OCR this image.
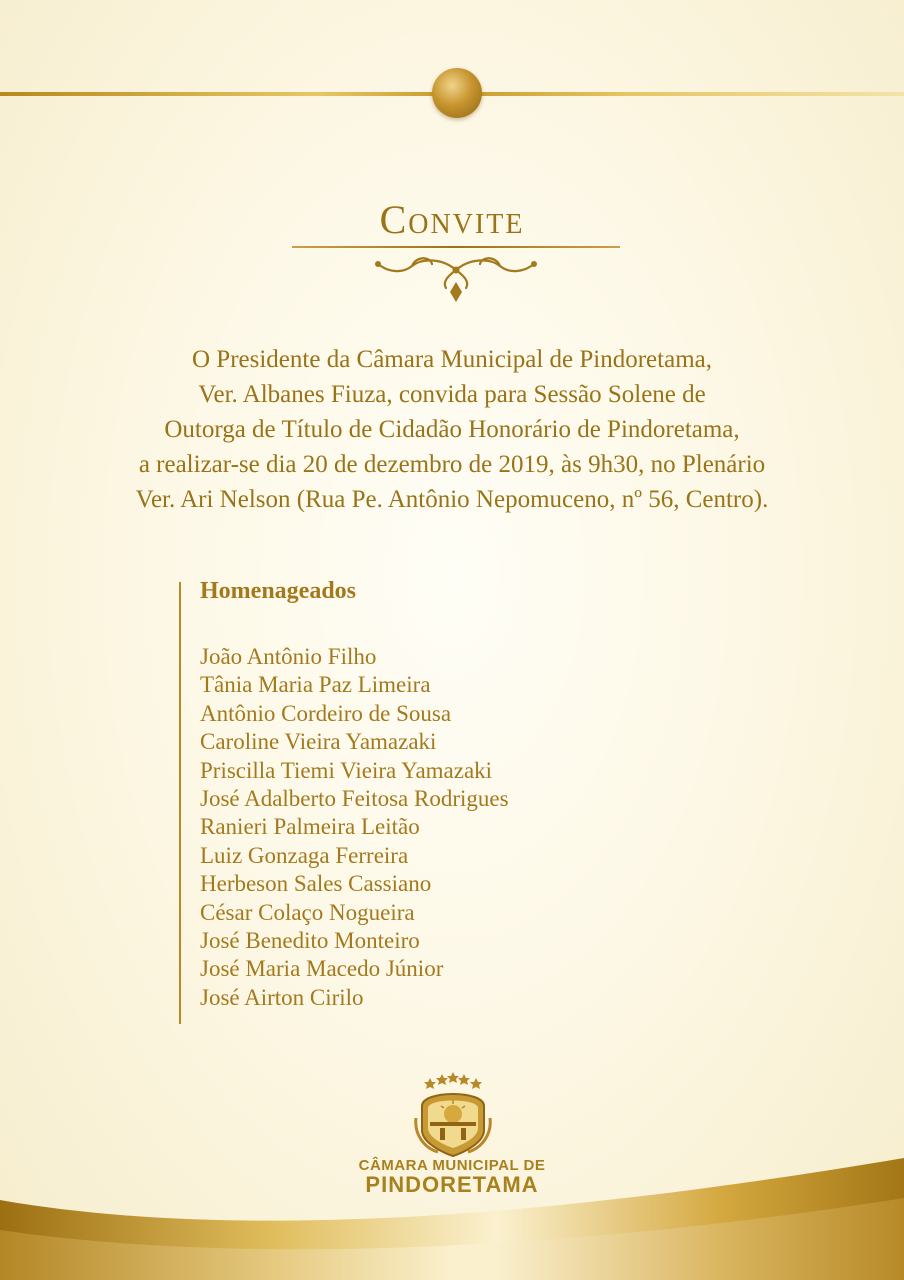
Convite

O Presidente da Câmara Municipal de Pindoretama,
Ver. Albanes Fiuza, convida para Sessão Solene de
Outorga de Título de Cidadão Honorário de Pindoretama,
a realizar-se dia 20 de dezembro de 2019, às 9h30, no Plenário
Ver. Ari Nelson (Rua Pe. Antônio Nepomuceno, nº 56, Centro).

Homenageados
João Antônio Filho
Tânia Maria Paz Limeira
Antônio Cordeiro de Sousa
Caroline Vieira Yamazaki
Priscilla Tiemi Vieira Yamazaki
José Adalberto Feitosa Rodrigues
Ranieri Palmeira Leitão
Luiz Gonzaga Ferreira
Herbeson Sales Cassiano
César Colaço Nogueira
José Benedito Monteiro
José Maria Macedo Júnior
José Airton Cirilo
CÂMARA MUNICIPAL DE
PINDORETAMA
